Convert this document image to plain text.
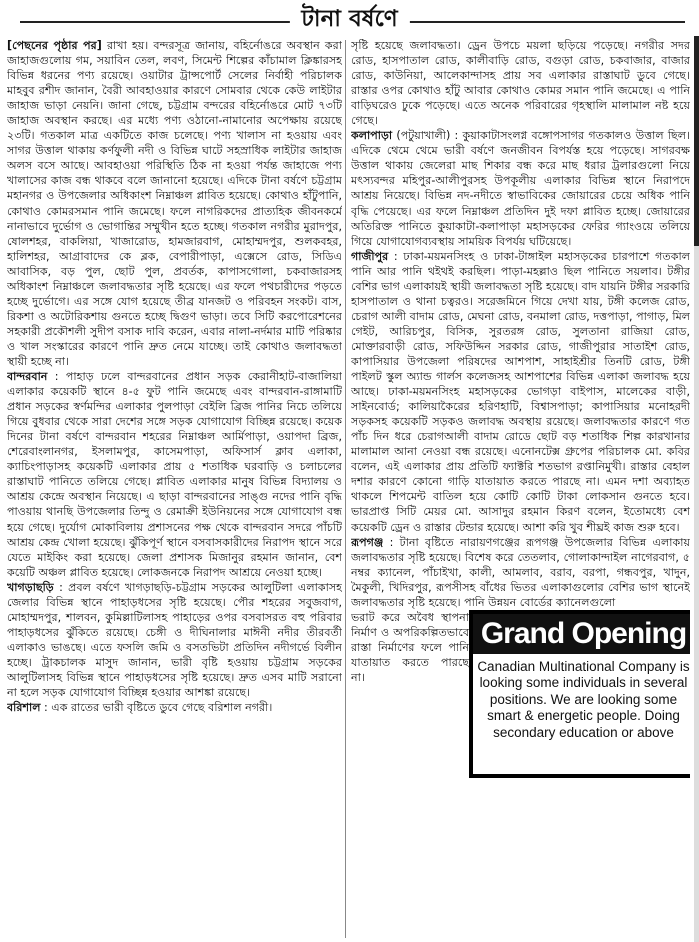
টানা বর্ষণে

[পেছনের পৃষ্ঠার পর] রাখা হয়। বন্দরসূত্র জানায়, বহির্নোঙরে অবস্থান করা জাহাজগুলোয় গম, সয়াবিন তেল, লবণ, সিমেন্ট শিল্পের কাঁচামাল ক্লিঙ্কারসহ বিভিন্ন ধরনের পণ্য রয়েছে। ওয়াটার ট্রান্সপোর্ট সেলের নির্বাহী পরিচালক মাহবুব রশীদ জানান, বৈরী আবহাওয়ার কারণে সোমবার থেকে কেউ লাইটার জাহাজ ভাড়া নেয়নি। জানা গেছে, চট্টগ্রাম বন্দরের বহির্নোঙরে মোট ৭৩টি জাহাজ অবস্থান করছে। এর মধ্যে পণ্য ওঠানো-নামানোর অপেক্ষায় রয়েছে ২৩টি। গতকাল মাত্র একটিতে কাজ চলেছে। পণ্য খালাস না হওয়ায় এবং সাগর উত্তাল থাকায় কর্ণফুলী নদী ও বিভিন্ন ঘাটে সহস্রাধিক লাইটার জাহাজ অলস বসে আছে। আবহাওয়া পরিস্থিতি ঠিক না হওয়া পর্যন্ত জাহাজে পণ্য খালাসের কাজ বন্ধ থাকবে বলে জানানো হয়েছে। এদিকে টানা বর্ষণে চট্টগ্রাম মহানগর ও উপজেলার অধিকাংশ নিম্নাঞ্চল প্লাবিত হয়েছে। কোথাও হাঁটুপানি, কোথাও কোমরসমান পানি জমেছে। ফলে নাগরিকদের প্রাত্যহিক জীবনকর্মে নানাভাবে দুর্ভোগ ও ভোগান্তির সম্মুখীন হতে হচ্ছে। গতকাল নগরীর মুরাদপুর, ষোলশহর, বাকলিয়া, খাজারোড, হামজারবাগ, মোহাম্মদপুর, শুলকবহর, হালিশহর, আগ্রাবাদের কে ব্লক, বেপারীপাড়া, এক্সেসে রোড, সিডিএ আবাসিক, বড় পুল, ছোট পুল, প্রবর্তক, কাপাসগোলা, চকবাজারসহ অধিকাংশ নিম্নাঞ্চলে জলাবদ্ধতার সৃষ্টি হয়েছে। এর ফলে পথচারীদের পড়তে হচ্ছে দুর্ভোগে। এর সঙ্গে যোগ হয়েছে তীব্র যানজট ও পরিবহন সংকট। বাস, রিকশা ও অটোরিকশায় গুনতে হচ্ছে দ্বিগুণ ভাড়া। তবে সিটি করপোরেশনের সহকারী প্রকৌশলী সুদীপ বসাক দাবি করেন, এবার নালা-নর্দমার মাটি পরিষ্কার ও খাল সংস্কারের কারণে পানি দ্রুত নেমে যাচ্ছে। তাই কোথাও জলাবদ্ধতা স্থায়ী হচ্ছে না।

বান্দরবান : পাহাড় ঢলে বান্দরবানের প্রধান সড়ক কেরানীহাট-বাজালিয়া এলাকার কয়েকটি স্থানে ৪-৫ ফুট পানি জমেছে এবং বান্দরবান-রাঙ্গামাটি প্রধান সড়কের স্বর্ণমন্দির এলাকার পুলপাড়া বেইলি ব্রিজ পানির নিচে তলিয়ে গিয়ে বুধবার থেকে সারা দেশের সঙ্গে সড়ক যোগাযোগ বিচ্ছিন্ন রয়েছে। কয়েক দিনের টানা বর্ষণে বান্দরবান শহরের নিম্নাঞ্চল আর্মিপাড়া, ওয়াপদা ব্রিজ, শেরেবাংলানগর, ইসলামপুর, কাসেমপাড়া, অফিসার্স ক্লাব এলাকা, ক্যাচিংপাড়াসহ কয়েকটি এলাকার প্রায় ৫ শতাধিক ঘরবাড়ি ও চলাচলের রাস্তাঘাট পানিতে তলিয়ে গেছে। প্লাবিত এলাকার মানুষ বিভিন্ন বিদ্যালয় ও আশ্রয় কেন্দ্রে অবস্থান নিয়েছে। এ ছাড়া বান্দরবানের সাঙ্গু নদের পানি বৃদ্ধি পাওয়ায় থানছি উপজেলার তিন্দু ও রেমাক্রী ইউনিয়নের সঙ্গে যোগাযোগ বন্ধ হয়ে গেছে। দুর্যোগ মোকাবিলায় প্রশাসনের পক্ষ থেকে বান্দরবান সদরে পাঁচটি আশ্রয় কেন্দ্র খোলা হয়েছে। ঝুঁকিপূর্ণ স্থানে বসবাসকারীদের নিরাপদ স্থানে সরে যেতে মাইকিং করা হয়েছে। জেলা প্রশাসক মিজানুর রহমান জানান, বেশ কয়েটি অঞ্চল প্লাবিত হয়েছে। লোকজনকে নিরাপদ আশ্রয়ে নেওয়া হচ্ছে।

খাগড়াছড়ি : প্রবল বর্ষণে খাগড়াছড়ি-চট্টগ্রাম সড়কের আলুটিলা এলাকাসহ জেলার বিভিন্ন স্থানে পাহাড়ধসের সৃষ্টি হয়েছে। পৌর শহরের সবুজবাগ, মোহাম্মদপুর, শালবন, কুমিল্লাটিলাসহ পাহাড়ের ওপর বসবাসরত বহু পরিবার পাহাড়ধসের ঝুঁকিতে রয়েছে। চেঙ্গী ও দীঘিনালার মাঈনী নদীর তীরবর্তী এলাকাও ভাঙছে। এতে ফসলি জমি ও বসতভিটা প্রতিদিন নদীগর্ভে বিলীন হচ্ছে। ট্রাকচালক মাসুদ জানান, ভারী বৃষ্টি হওয়ায় চট্টগ্রাম সড়কের আলুটিলাসহ বিভিন্ন স্থানে পাহাড়ধসের সৃষ্টি হয়েছে। দ্রুত এসব মাটি সরানো না হলে সড়ক যোগাযোগ বিচ্ছিন্ন হওয়ার আশঙ্কা রয়েছে।

বরিশাল : এক রাতের ভারী বৃষ্টিতে ডুবে গেছে বরিশাল নগরী।

সৃষ্টি হয়েছে জলাবদ্ধতা। ড্রেন উপচে ময়লা ছড়িয়ে পড়েছে। নগরীর সদর রোড, হাসপাতাল রোড, কালীবাড়ি রোড, বগুড়া রোড, চকবাজার, বাজার রোড, কাউনিয়া, আলেকান্দাসহ প্রায় সব এলাকার রাস্তাঘাট ডুবে গেছে। রাস্তার ওপর কোথাও হাঁটু আবার কোথাও কোমর সমান পানি জমেছে। এ পানি বাড়িঘরেও ঢুকে পড়েছে। এতে অনেক পরিবারের গৃহস্থালি মালামাল নষ্ট হয়ে গেছে।

কলাপাড়া (পটুয়াখালী) : কুয়াকাটাসংলগ্ন বঙ্গোপসাগর গতকালও উত্তাল ছিল। এদিকে থেমে থেমে ভারী বর্ষণে জনজীবন বিপর্যস্ত হয়ে পড়েছে। সাগরবক্ষ উত্তাল থাকায় জেলেরা মাছ শিকার বন্ধ করে মাছ ধরার ট্রলারগুলো নিয়ে মৎস্যবন্দর মহিপুর-আলীপুরসহ উপকূলীয় এলাকার বিভিন্ন স্থানে নিরাপদে আশ্রয় নিয়েছে। বিভিন্ন নদ-নদীতে স্বাভাবিকের জোয়ারের চেয়ে অধিক পানি বৃদ্ধি পেয়েছে। এর ফলে নিম্নাঞ্চল প্রতিদিন দুই দফা প্লাবিত হচ্ছে। জোয়ারের অতিরিক্ত পানিতে কুয়াকাটা-কলাপাড়া মহাসড়কের ফেরির গ্যাংওয়ে তলিয়ে গিয়ে যোগাযোগব্যবস্থায় সাময়িক বিপর্যয় ঘটিয়েছে।

গাজীপুর : ঢাকা-ময়মনসিংহ ও ঢাকা-টাঙ্গাইল মহাসড়কের চারপাশে গতকাল পানি আর পানি থইথই করছিল। পাড়া-মহল্লাও ছিল পানিতে সয়লাব। টঙ্গীর বেশির ভাগ এলাকায়ই স্থায়ী জলাবদ্ধতা সৃষ্টি হয়েছে। বাদ যায়নি টঙ্গীর সরকারি হাসপাতাল ও থানা চত্বরও। সরেজমিনে গিয়ে দেখা যায়, টঙ্গী কলেজ রোড, চেরাগ আলী বাদাম রোড, মেঘনা রোড, বনমালা রোড, দত্তপাড়া, পাগাড়, মিল গেইট, আরিচপুর, বিসিক, সুরতরঙ্গ রোড, সুলতানা রাজিয়া রোড, মোক্তারবাড়ী রোড, সফিউদ্দিন সরকার রোড, গাজীপুরার সাতাইশ রোড, কাপাসিয়ার উপজেলা পরিষদের আশপাশ, সাহাইশ্রীর তিনটি রোড, টঙ্গী পাইলট স্কুল অ্যান্ড গার্লস কলেজসহ আশপাশের বিভিন্ন এলাকা জলাবদ্ধ হয়ে আছে। ঢাকা-ময়মনসিংহ মহাসড়কের ভোগড়া বাইপাস, মালেকের বাড়ী, সাইনবোর্ড; কালিয়াকৈরের হরিণহাটি, বিশ্বাসপাড়া; কাপাসিয়ার মনোহরদী সড়কসহ কয়েকটি সড়কও জলাবদ্ধ অবস্থায় রয়েছে। জলাবদ্ধতার কারণে গত পাঁচ দিন ধরে চেরাগআলী বাদাম রোডে ছোট বড় শতাধিক শিল্প কারখানার মালামাল আনা নেওয়া বন্ধ রয়েছে। এনোনটেক্স গ্রুপের পরিচালক মো. কবির বলেন, এই এলাকার প্রায় প্রতিটি ফ্যাক্টরি শতভাগ রপ্তানিমুখী। রাস্তার বেহাল দশার কারণে কোনো গাড়ি যাতায়াত করতে পারছে না। এমন দশা অব্যাহত থাকলে শিপমেন্ট বাতিল হয়ে কোটি কোটি টাকা লোকসান গুনতে হবে। ভারপ্রাপ্ত সিটি মেয়র মো. আসাদুর রহমান কিরণ বলেন, ইতোমধ্যে বেশ কয়েকটি ড্রেন ও রাস্তার টেন্ডার হয়েছে। আশা করি খুব শীঘ্রই কাজ শুরু হবে।

রূপগঞ্জ : টানা বৃষ্টিতে নারায়ণগঞ্জের রূপগঞ্জ উপজেলার বিভিন্ন এলাকায় জলাবদ্ধতার সৃষ্টি হয়েছে। বিশেষ করে তেতলাব, গোলাকান্দাইল নাগেরবাগ, ৫ নম্বর ক্যানেল, পাঁচাইখা, কালী, আমলাব, বরাব, বরপা, গন্ধবপুর, খাদুন, মৈকুলী, খিদিরপুর, রূপসীসহ বাঁধের ভিতর এলাকাগুলোর বেশির ভাগ স্থানেই জলাবদ্ধতার সৃষ্টি হয়েছে। পানি উন্নয়ন বোর্ডের ক্যানেলগুলো

ভরাট করে অবৈধ স্থাপনা নির্মাণ ও অপরিকল্পিতভাবে রাস্তা নির্মাণের ফলে পানি যাতায়াত করতে পারছে না।
Grand Opening
Canadian Multinational Company is looking some individuals in several positions. We are looking some smart & energetic people. Doing secondary education or above
